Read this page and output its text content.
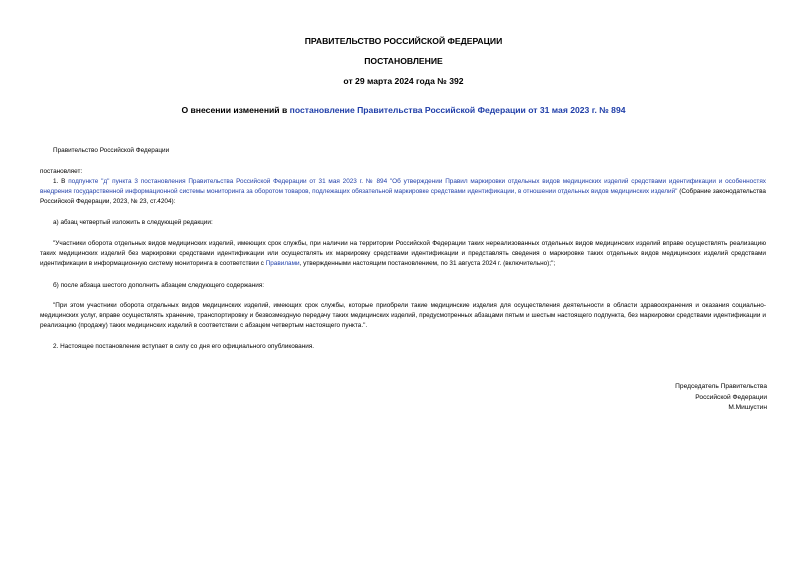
ПРАВИТЕЛЬСТВО РОССИЙСКОЙ ФЕДЕРАЦИИ
ПОСТАНОВЛЕНИЕ
от 29 марта 2024 года № 392
О внесении изменений в постановление Правительства Российской Федерации от 31 мая 2023 г. № 894
Правительство Российской Федерации
постановляет:
1. В подпункте "д" пункта 3 постановления Правительства Российской Федерации от 31 мая 2023 г. № 894 "Об утверждении Правил маркировки отдельных видов медицинских изделий средствами идентификации и особенностях внедрения государственной информационной системы мониторинга за оборотом товаров, подлежащих обязательной маркировке средствами идентификации, в отношении отдельных видов медицинских изделий" (Собрание законодательства Российской Федерации, 2023, № 23, ст.4204):
а) абзац четвертый изложить в следующей редакции:
"Участники оборота отдельных видов медицинских изделий, имеющих срок службы, при наличии на территории Российской Федерации таких нереализованных отдельных видов медицинских изделий вправе осуществлять реализацию таких медицинских изделий без маркировки средствами идентификации или осуществлять их маркировку средствами идентификации и представлять сведения о маркировке таких отдельных видов медицинских изделий средствами идентификации в информационную систему мониторинга в соответствии с Правилами, утвержденными настоящим постановлением, по 31 августа 2024 г. (включительно);";
б) после абзаца шестого дополнить абзацем следующего содержания:
"При этом участники оборота отдельных видов медицинских изделий, имеющих срок службы, которые приобрели такие медицинские изделия для осуществления деятельности в области здравоохранения и оказания социально-медицинских услуг, вправе осуществлять хранение, транспортировку и безвозмездную передачу таких медицинских изделий, предусмотренных абзацами пятым и шестым настоящего подпункта, без маркировки средствами идентификации и реализацию (продажу) таких медицинских изделий в соответствии с абзацем четвертым настоящего пункта.".
2. Настоящее постановление вступает в силу со дня его официального опубликования.
Председатель Правительства
Российской Федерации
М.Мишустин
